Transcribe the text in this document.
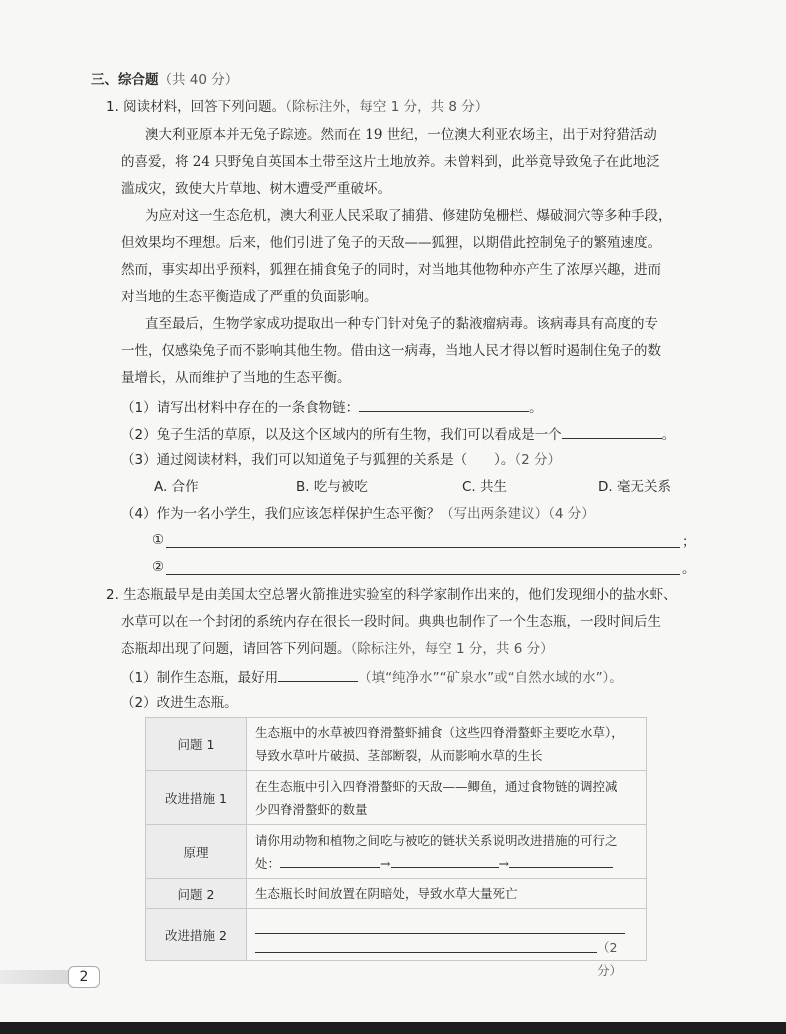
三、综合题（共 40 分）
1. 阅读材料，回答下列问题。（除标注外，每空 1 分，共 8 分）
澳大利亚原本并无兔子踪迹。然而在 19 世纪，一位澳大利亚农场主，出于对狩猎活动
的喜爱，将 24 只野兔自英国本土带至这片土地放养。未曾料到，此举竟导致兔子在此地泛
滥成灾，致使大片草地、树木遭受严重破坏。
为应对这一生态危机，澳大利亚人民采取了捕猎、修建防兔栅栏、爆破洞穴等多种手段，
但效果均不理想。后来，他们引进了兔子的天敌——狐狸，以期借此控制兔子的繁殖速度。
然而，事实却出乎预料，狐狸在捕食兔子的同时，对当地其他物种亦产生了浓厚兴趣，进而
对当地的生态平衡造成了严重的负面影响。
直至最后，生物学家成功提取出一种专门针对兔子的黏液瘤病毒。该病毒具有高度的专
一性，仅感染兔子而不影响其他生物。借由这一病毒，当地人民才得以暂时遏制住兔子的数
量增长，从而维护了当地的生态平衡。
（1）请写出材料中存在的一条食物链：	。
（2）兔子生活的草原，以及这个区域内的所有生物，我们可以看成是一个	。
（3）通过阅读材料，我们可以知道兔子与狐狸的关系是（　　）。（2 分）
A. 合作	B. 吃与被吃	C. 共生	D. 毫无关系
（4）作为一名小学生，我们应该怎样保护生态平衡？（写出两条建议）（4 分）
①	；
②	。
2. 生态瓶最早是由美国太空总署火箭推进实验室的科学家制作出来的，他们发现细小的盐水虾、
水草可以在一个封闭的系统内存在很长一段时间。典典也制作了一个生态瓶，一段时间后生
态瓶却出现了问题，请回答下列问题。（除标注外，每空 1 分，共 6 分）
（1）制作生态瓶，最好用	（填“纯净水”“矿泉水”或“自然水域的水”）。
（2）改进生态瓶。
问题 1	生态瓶中的水草被四脊滑螯虾捕食（这些四脊滑螯虾主要吃水草），
导致水草叶片破损、茎部断裂，从而影响水草的生长

改进措施 1	在生态瓶中引入四脊滑螯虾的天敌——鲫鱼，通过食物链的调控减
少四脊滑螯虾的数量

原理	请你用动物和植物之间吃与被吃的链状关系说明改进措施的可行之
处： → →

问题 2	生态瓶长时间放置在阴暗处，导致水草大量死亡
改进措施 2	（2 分）
2
